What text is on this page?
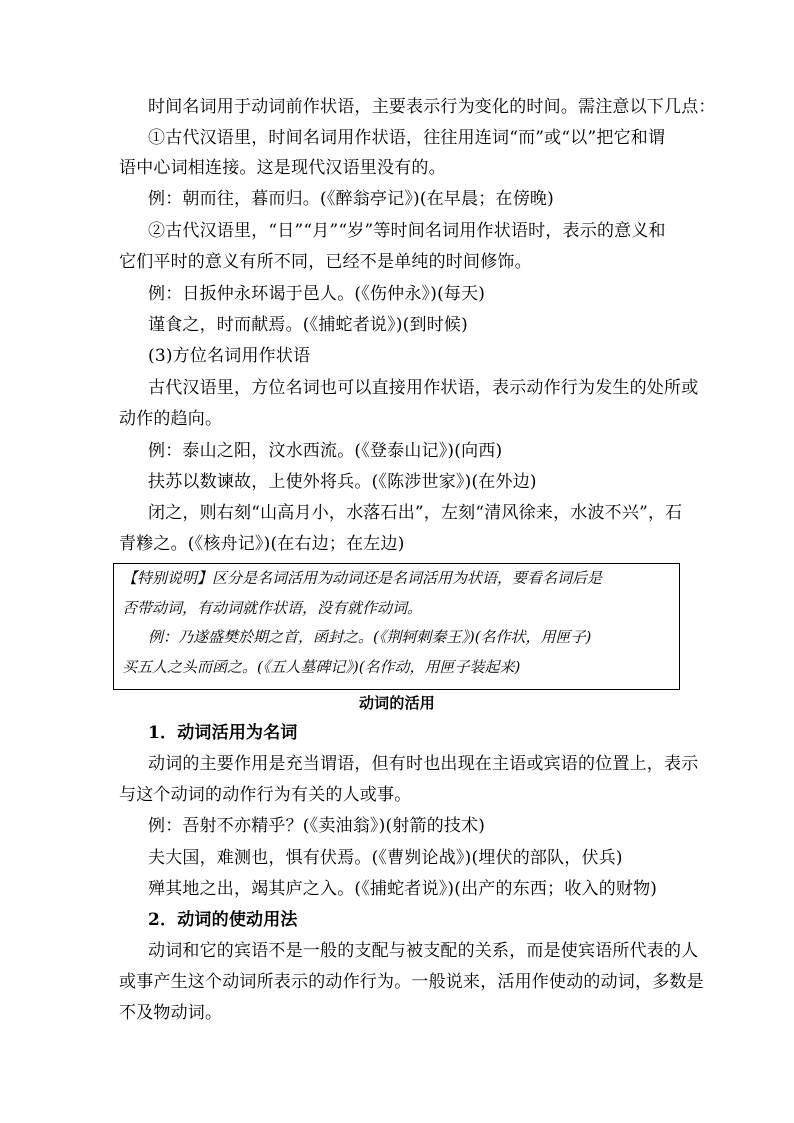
时间名词用于动词前作状语，主要表示行为变化的时间。需注意以下几点：
①古代汉语里，时间名词用作状语，往往用连词“而”或“以”把它和谓
语中心词相连接。这是现代汉语里没有的。
例：朝而往，暮而归。(《醉翁亭记》)(在早晨；在傍晚)
②古代汉语里，“日”“月”“岁”等时间名词用作状语时，表示的意义和
它们平时的意义有所不同，已经不是单纯的时间修饰。
例：日扳仲永环谒于邑人。(《伤仲永》)(每天)
谨食之，时而献焉。(《捕蛇者说》)(到时候)
(3)方位名词用作状语
古代汉语里，方位名词也可以直接用作状语，表示动作行为发生的处所或
动作的趋向。
例：泰山之阳，汶水西流。(《登泰山记》)(向西)
扶苏以数谏故，上使外将兵。(《陈涉世家》)(在外边)
闭之，则右刻“山高月小，水落石出”，左刻“清风徐来，水波不兴”，石
青糁之。(《核舟记》)(在右边；在左边)
【特别说明】区分是名词活用为动词还是名词活用为状语，要看名词后是
否带动词，有动词就作状语，没有就作动词。
例：乃遂盛樊於期之首，函封之。(《荆轲刺秦王》)(名作状，用匣子)
买五人之头而函之。(《五人墓碑记》)(名作动，用匣子装起来)
动词的活用
1．动词活用为名词
动词的主要作用是充当谓语，但有时也出现在主语或宾语的位置上，表示
与这个动词的动作行为有关的人或事。
例：吾射不亦精乎？(《卖油翁》)(射箭的技术)
夫大国，难测也，惧有伏焉。(《曹刿论战》)(埋伏的部队，伏兵)
殚其地之出，竭其庐之入。(《捕蛇者说》)(出产的东西；收入的财物)
2．动词的使动用法
动词和它的宾语不是一般的支配与被支配的关系，而是使宾语所代表的人
或事产生这个动词所表示的动作行为。一般说来，活用作使动的动词，多数是
不及物动词。
